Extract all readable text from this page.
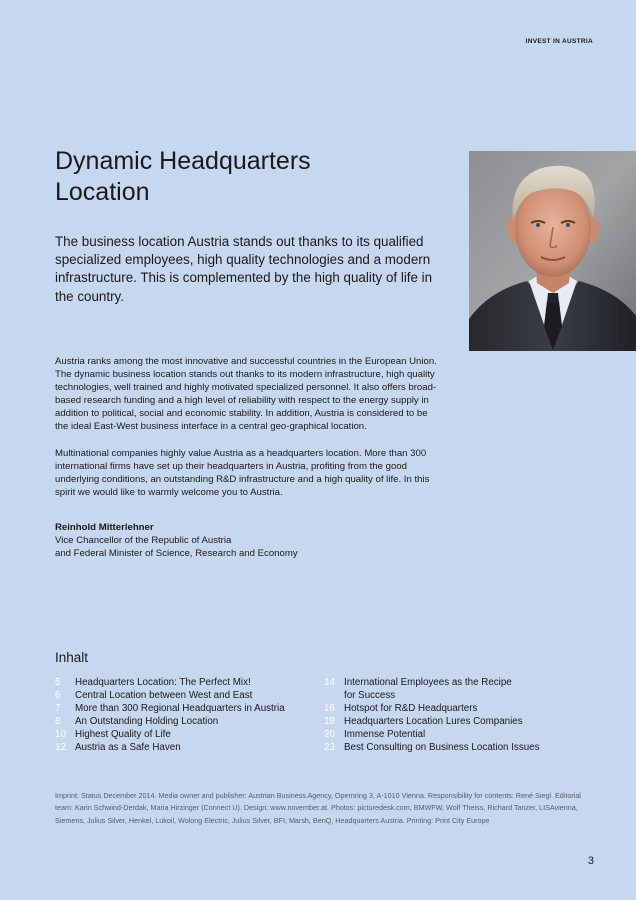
INVEST IN AUSTRIA
Dynamic Headquarters
Location

The business location Austria stands out thanks to its qualified specialized employees, high quality technologies and a modern infrastructure. This is complemented by the high quality of life in the country.

Austria ranks among the most innovative and successful countries in the European Union. The dynamic business location stands out thanks to its modern infrastructure, high quality technologies, well trained and highly motivated specialized personnel. It also offers broad-based research funding and a high level of reliability with respect to the energy supply in addition to political, social and economic stability. In addition, Austria is considered to be the ideal East-West business interface in a central geo-graphical location.

Multinational companies highly value Austria as a headquarters location. More than 300 international firms have set up their headquarters in Austria, profiting from the good underlying conditions, an outstanding R&D infrastructure and a high quality of life. In this spirit we would like to warmly welcome you to Austria.

Reinhold Mitterlehner
Vice Chancellor of the Republic of Austria
and Federal Minister of Science, Research and Economy
Inhalt
5	Headquarters Location: The Perfect Mix!
6	Central Location between West and East
7	More than 300 Regional Headquarters in Austria
8	An Outstanding Holding Location
10 Highest Quality of Life
12 Austria as a Safe Haven
14 International Employees as the Recipe
for Success
16 Hotspot for R&D Headquarters
18 Headquarters Location Lures Companies
20 Immense Potential
23 Best Consulting on Business Location Issues

Imprint: Status December 2014. Media owner and publisher: Austrian Business Agency, Opernring 3, A-1010 Vienna. Responsibility for contents: René Siegl. Editorial team: Karin Schwind-Derdak, Maria Hirzinger (Connect U). Design: www.november.at. Photos: picturedesk.com, BMWFW, Wolf Theiss, Richard Tanzer, LISAvienna, Siemens, Julius Silver, Henkel, Lukoil, Wolong Electric, Julius Silver, BFI, Marsh, BenQ, Headquarters Austria. Printing: Print City Europe

3
